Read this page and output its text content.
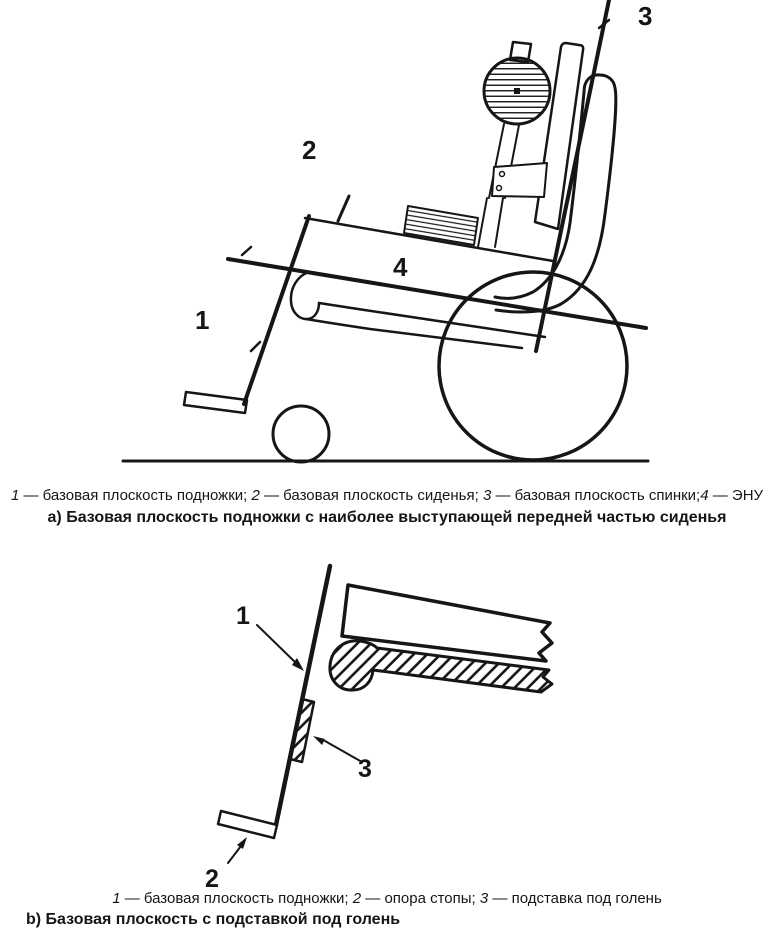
1
2
3
4
1
3
2
1 — базовая плоскость подножки; 2 — базовая плоскость сиденья; 3 — базовая плоскость спинки;4 — ЭНУ
a) Базовая плоскость подножки с наиболее выступающей передней частью сиденья
1 — базовая плоскость подножки; 2 — опора стопы; 3 — подставка под голень
b) Базовая плоскость с подставкой под голень
